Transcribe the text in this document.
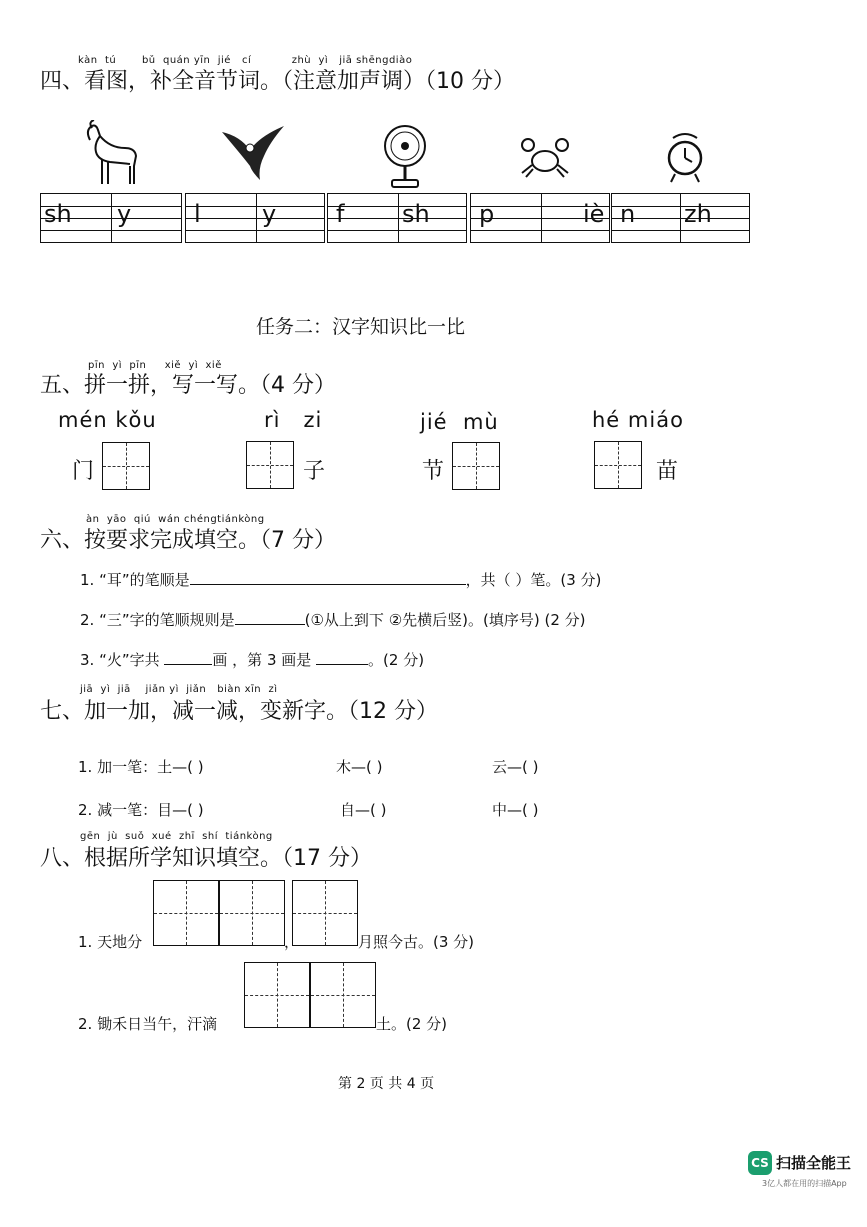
kàn  tú       bǔ  quán yīn  jié   cí           zhù  yì   jiā shēngdiào
四、看图，补全音节词。（注意加声调）（10 分）
sh y	l	y f sh p	iè n zh
任务二：汉字知识比一比
pīn  yì  pīn     xiě  yì  xiě
五、拼一拼，写一写。（4 分）
mén kǒu
门
rì   zi
子
jié  mù
节
hé miáo
苗
àn  yāo  qiú  wán chéngtiánkòng
六、按要求完成填空。（7 分）
1. “耳”的笔顺是	，共（ ）笔。(3 分)
2. “三”字的笔顺规则是	(①从上到下 ②先横后竖)。(填序号) (2 分)
3. “火”字共	画 ，第 3 画是	。(2 分)
jiā  yì  jiā    jiǎn yì  jiǎn   biàn xīn  zì
七、加一加，减一减，变新字。（12 分）
1. 加一笔：土—( )	木—( )	云—( )
2. 减一笔：目—( )	自—( )	中—( )
gēn  jù  suǒ  xué  zhī  shí  tiánkòng
八、根据所学知识填空。（17 分）
1. 天地分	，	月照今古。(3 分)
2. 锄禾日当午，汗滴	土。(2 分)
第 2 页 共 4 页
CS 扫描全能王
3亿人都在用的扫描App
